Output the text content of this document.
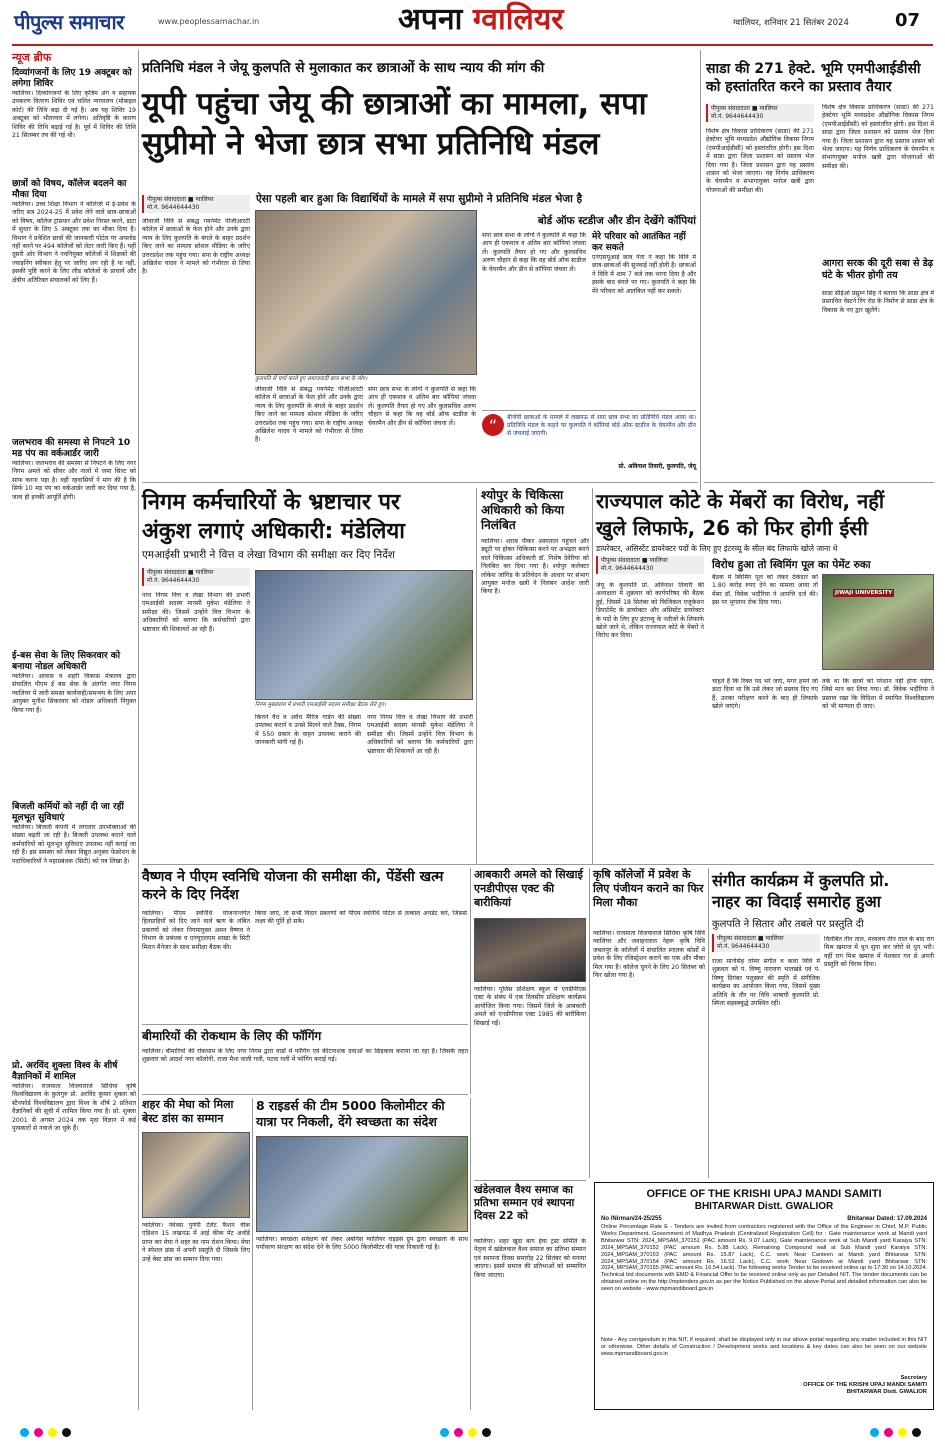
पीपुल्स समाचार	www.peoplessamachar.in	अपना ग्वालियर	ग्वालियर, शनिवार 21 सितंबर 2024	07
न्यूज ब्रीफ
दिव्यांगजनों के लिए 19 अक्टूबर को लगेगा शिविर
ग्वालियर। दिव्यांगजनों के लिए कृत्रिम अंग व सहायक उपकरण वितरण शिविर एवं चलित न्यायालय (मोबाइल कोर्ट) की तिथि बढ़ा दी गई है। अब यह शिविर 19 अक्टूबर को भीतरवार में लगेगा। अतिवृष्टि के कारण शिविर की तिथि बढ़ाई गई है। पूर्व में शिविर की तिथि 21 सितम्बर तय की गई थी।
छात्रों को विषय, कॉलेज बदलने का मौका दिया
ग्वालियर। उच्च शिक्षा विभाग ने कॉलेजों में ई-प्रवेश के जरिए सत्र 2024-25 में प्रवेश लेने वाले छात्र-छात्राओं को विषय, कॉलेज ट्रांसफर और प्रवेश निरस्त करने, डाटा में सुधार के लिए 5 अक्टूबर तक का मौका दिया है। विभाग ने प्रवेशित छात्रों की जानकारी पोर्टल पर अपलोड नहीं करने पर 494 कॉलेजों को लेटर जारी किए हैं। यहीं दूसरी ओर विभाग ने नवनियुक्त कॉलेजों में शिक्षकों की ज्वाइनिंग स्वीकार हेतु पर जारिए लग रही है या नहीं, इसकी पुष्टि करने के लिए लीड कॉलेजों के प्राचार्य और क्षेत्रीय अतिरिक्त संचालकों को लिए हैं।
जलभराव की समस्या से निपटने 10 मड पंप का वर्कआर्डर जारी
ग्वालियर। जलभराव की समस्या से निपटने के लिए नगर निगम अमले को सीवर और नालों में जमा सिल्ट को साफ करना पड़ा है। वहीं रहवासियों ने मांग की है कि सिर्फ 10 मड पंप का वर्कआर्डर जारी कर दिया गया है, जल्द ही इनकी आपूर्ति होगी।
ई-बस सेवा के लिए सिकरवार को बनाया नोडल अधिकारी
ग्वालियर। आवास व शहरी विकास मंत्रालय द्वारा संचालित पीएम ई बस सेवा के अंतर्गत नगर निगम ग्वालियर में जारी समस्त कार्यवाही/समन्वय के लिए अपर आयुक्त मुनीश सिकरवार को नोडल अधिकारी नियुक्त किया गया है।
बिजली कर्मियों को नहीं दी जा रहीं मूलभूत सुविधाएं
ग्वालियर। बिजली कंपनी में लगातार उपभोक्ताओं की संख्या बढ़ती जा रही है। बिजली उपलब्ध कराने वाले कर्मचारियों को मूलभूत सुविधाएं उपलब्ध नहीं कराई जा रही हैं। इस समस्या को लेकर विद्युत अनुबंध फेडरेशन के पदाधिकारियों ने महाप्रबंधक (सिटी) को पत्र लिखा है।
प्रो. अरविंद शुक्ला विश्व के शीर्ष वैज्ञानिकों में शामिल
ग्वालियर। राजमाता विजयाराजे सिंधिया कृषि विश्वविद्यालय के कुलगुरु प्रो. अरविंद कुमार शुक्ला को स्टैनफोर्ड विश्वविद्यालय द्वारा विश्व के शीर्ष 2 प्रतिशत वैज्ञानिकों की सूची में शामिल किया गया है। प्रो. शुक्ला 2001 से अगस्त 2024 तक मृदा विज्ञान में कई पुरस्कारों से नवाजे जा चुके हैं।
प्रतिनिधि मंडल ने जेयू कुलपति से मुलाकात कर छात्राओं के साथ न्याय की मांग की
यूपी पहुंचा जेयू की छात्राओं का मामला, सपा
सुप्रीमो ने भेजा छात्र सभा प्रतिनिधि मंडल
पीपुल्स संवाददाता ■ ग्वालियर
मो.नं. 9644644430
ऐसा पहली बार हुआ कि विद्यार्थियों के मामले में सपा सुप्रीमो ने प्रतिनिधि मंडल भेजा है
जीवाजी विवि से संबद्ध गवर्नमेंट पीजीआरटी कॉलेज में छात्राओं के फेल होने और उनके द्वारा न्याय के लिए कुलपति के बंगले के बाहर प्रदर्शन किए जाने का मामला सोशल मीडिया के जरिए उत्तरप्रदेश तक पहुंच गया। सपा के राष्ट्रीय अध्यक्ष अखिलेश यादव ने मामले को गंभीरता से लिया है।
कुलपति से चर्चा करते हुए समाजवादी छात्र सभा के लोग।
बोर्ड ऑफ स्टडीज और डीन देखेंगे कॉपियां
सपा छात्र सभा के लोगों ने कुलपति से कहा कि आप ही एकमात्र व अंतिम बार कॉपियां जंचवा लें। कुलपति तैयार हो गए और कुलसचिव अरुण चौहान से कहा कि वह बोर्ड ऑफ स्टडीज के चेयरमैन और डीन से कॉपियां जंचवा लें।
मेरे परिवार को आतंकित नहीं कर सकते
एनएसयूआई छात्र नेता ने कहा कि विवि में छात्र-छात्राओं की सुनवाई नहीं होती है। छात्राओं ने विवि में शाम 7 बजे तक धरना दिया है और इसके बाद बंगले पर गए। कुलपति ने कहा कि मेरे परिवार को आतंकित नहीं कर सकते।
जीवाजी विवि से संबद्ध गवर्नमेंट पीजीआरटी कॉलेज में छात्राओं के फेल होने और उनके द्वारा न्याय के लिए कुलपति के बंगले के बाहर प्रदर्शन किए जाने का मामला सोशल मीडिया के जरिए उत्तरप्रदेश तक पहुंच गया। सपा के राष्ट्रीय अध्यक्ष अखिलेश यादव ने मामले को गंभीरता से लिया है।
सपा छात्र सभा के लोगों ने कुलपति से कहा कि आप ही एकमात्र व अंतिम बार कॉपियां जंचवा लें। कुलपति तैयार हो गए और कुलसचिव अरुण चौहान से कहा कि वह बोर्ड ऑफ स्टडीज के चेयरमैन और डीन से कॉपियां जंचवा लें।	“	बीजेपी छात्राओं के मामले में लखनऊ से सपा छात्र सभा का प्रतिनिधि मंडल आया था। प्रतिनिधि मंडल के कहने पर कुलपति ने कॉपियां बोर्ड ऑफ स्टडीज के चेयरमैन और डीन से जंचवाई जाएंगी।
प्रो. अविनाश तिवारी, कुलपति, जेयू
साडा की 271 हेक्टे. भूमि एमपीआईडीसी को हस्तांतरित करने का प्रस्ताव तैयार
पीपुल्स संवाददाता ■ ग्वालियर
मो.नं. 9644644430
विशेष क्षेत्र विकास प्राधिकरण (साडा) की 271 हेक्टेयर भूमि मध्यप्रदेश औद्योगिक विकास निगम (एमपीआईडीसी) को हस्तांतरित होगी। इस दिशा में साडा द्वारा जिला प्रशासन को प्रस्ताव भेज दिया गया है। जिला प्रशासन द्वारा यह प्रस्ताव शासन को भेजा जाएगा। यह निर्णय प्राधिकरण के चेयरमैन व संभागायुक्त मनोज खत्री द्वारा योजनाओं की समीक्षा की।
विशेष क्षेत्र विकास प्राधिकरण (साडा) की 271 हेक्टेयर भूमि मध्यप्रदेश औद्योगिक विकास निगम (एमपीआईडीसी) को हस्तांतरित होगी। इस दिशा में साडा द्वारा जिला प्रशासन को प्रस्ताव भेज दिया गया है। जिला प्रशासन द्वारा यह प्रस्ताव शासन को भेजा जाएगा। यह निर्णय प्राधिकरण के चेयरमैन व संभागायुक्त मनोज खत्री द्वारा योजनाओं की समीक्षा की।
आगरा सरक की दूरी सबा से डेढ़ घंटे के भीतर होगी तय
साडा सीईओ प्रद्युम्न सिंह ने बताया कि साडा क्षेत्र में प्रस्तावित वेस्टर्न रिंग रोड के निर्माण से साडा क्षेत्र के विकास के नए द्वार खुलेंगे।
निगम कर्मचारियों के भ्रष्टाचार पर
अंकुश लगाएं अधिकारी: मंडेलिया
एमआईसी प्रभारी ने वित्त व लेखा विभाग की समीक्षा कर दिए निर्देश
पीपुल्स संवाददाता ■ ग्वालियर
मो.नं. 9644644430
नगर निगम वित्त व लेखा विभाग की प्रभारी एमआईसी सदस्य मानसी मुकेश मंडेलिया ने समीक्षा की। जिसमें उन्होंने वित्त विभाग के अधिकारियों को बताया कि कर्मचारियों द्वारा भ्रष्टाचार की शिकायतें आ रही हैं।
निगम मुख्यालय में प्रभारी एमआईसी सदस्य समीक्षा बैठक लेते हुए।
कितने वैध व अवैध मैरिज गार्डन की संख्या उपलब्ध कराने व उनसे मिलने वाले टैक्स, निगम में 550 प्रकार के वाहन उपलब्ध कराने की जानकारी मांगी गई है।
नगर निगम वित्त व लेखा विभाग की प्रभारी एमआईसी सदस्य मानसी मुकेश मंडेलिया ने समीक्षा की। जिसमें उन्होंने वित्त विभाग के अधिकारियों को बताया कि कर्मचारियों द्वारा भ्रष्टाचार की शिकायतें आ रही हैं।
श्योपुर के चिकित्सा अधिकारी को किया निलंबित
ग्वालियर। शराब पीकर अस्पताल पहुंचने और ड्यूटी पर होकर चिकित्सा करने पर अभद्रता करने वाले चिकित्सा अधिकारी डॉ. निशेष देवेरिया को निलंबित कर दिया गया है। श्योपुर कलेक्टर लोकेश जांगिड़ के प्रतिवेदन के आधार पर संभाग आयुक्त मनोज खत्री ने निलंबन आदेश जारी किया है।
राज्यपाल कोटे के मेंबरों का विरोध, नहीं
खुले लिफाफे, 26 को फिर होगी ईसी
डायरेक्टर, असिस्टेंट डायरेक्टर पदों के लिए हुए इंटरव्यू के सील बंद लिफाफे खोले जाना थे
पीपुल्स संवाददाता ■ ग्वालियर
मो.नं. 9644644430
जेयू के कुलपति प्रो. अविनाश तिवारी की अध्यक्षता में शुक्रवार को कार्यपरिषद की बैठक हुई, जिसमें 18 सितंबर को फिजिकल एजुकेशन डिपार्टमेंट के डायरेक्टर और असिस्टेंट डायरेक्टर के पदों के लिए हुए इंटरव्यू के नतीजों के लिफाफे खोले जाने थे, लेकिन राज्यपाल कोटे के मेंबरों ने विरोध कर दिया।
विरोध हुआ तो स्विमिंग पूल का पेमेंट रुका
बैठक में स्विमिंग पूल को लेकर ठेकेदार को 1.80 करोड़ रुपए देने का मामला आया तो मेंबर डॉ. विवेक भदौरिया ने आपत्ति दर्ज की। इस पर भुगतान रोक दिया गया।
JIWAJI UNIVERSITY
चाहते हैं कि रिक्त पद भरे जाएं, मगर हमने जो डाटा दिया था कि उसे लेकर जो प्रस्ताव दिए गए हैं, उनका परीक्षण करने के बाद ही लिफाफे खोले जाएंगे।
तर्क था कि छात्रों को परेशान नहीं होना पड़ेगा, जिसे मान कर लिया गया। डॉ. विवेक भदौरिया ने प्रस्ताव रखा कि विदिशा में स्थापित विश्वविद्यालय को भी मान्यता दी जाए।
वैष्णव ने पीएम स्वनिधि योजना की समीक्षा की, पेंडेंसी खत्म करने के दिए निर्देश
ग्वालियर। पीएम स्वनिधि योजनान्तर्गत हितग्राहियों को दिए जाने वाले ऋण के लंबित प्रकरणों को लेकर निगमायुक्त अमन वैष्णव ने विभाग के प्रबंधक व एनयूएलएम शाखा के सिटी मिशन मैनेजर के साथ समीक्षा बैठक की।
किया जाए, तो सभी विंदार प्रकरणों को पीएम स्वनिधि पोर्टल से तत्काल अपडेट करें, जिससे लक्ष्य की पूर्ति हो सके।
बीमारियों की रोकथाम के लिए की फॉगिंग
ग्वालियर। बीमारियों की रोकथाम के लिए नगर निगम द्वारा वार्डों में फॉगिंग एवं कीटनाशक दवाओं का छिड़काव कराया जा रहा है। जिसके तहत शुक्रवार को आदर्श नगर कॉलोनी, राजा मैथा वाली गली, पटवा गली में फॉगिंग कराई गई।
आबकारी अमले को सिखाई एनडीपीएस एक्ट की बारीकियां
ग्वालियर। पुलिस प्रशिक्षण स्कूल में एनडीपीएस एक्ट के संबंध में एक दिवसीय प्रशिक्षण कार्यक्रम आयोजित किया गया। जिसमें जिले के आबकारी अमले को एनडीपीएस एक्ट 1985 की बारीकियां सिखाई गईं।
कृषि कॉलेजों में प्रवेश के लिए पंजीयन कराने का फिर मिला मौका
ग्वालियर। राजमाता विजयाराजे सिंधिया कृषि विवि ग्वालियर और जवाहरलाल नेहरू कृषि विवि जबलपुर के कॉलेजों में संचालित स्नातक कोर्सों में प्रवेश के लिए रजिस्ट्रेशन कराने का एक और मौका मिल गया है। कॉलेज चुनने के लिए 20 सितंबर को फिर खोला गया है।
संगीत कार्यक्रम में कुलपति प्रो.
नाहर का विदाई समारोह हुआ
कुलपति ने सितार और तबले पर प्रस्तुति दी
पीपुल्स संवाददाता ■ ग्वालियर
मो.नं. 9644644430
राजा मानसिंह तोमर संगीत व कला विवि में शुक्रवार को पं. विष्णु नारायण भातखंडे एवं पं. विष्णु दिगंबर पलुस्कर की स्मृति में संगीतिक कार्यक्रम का आयोजन किया गया, जिसमें मुख्य अतिथि के तौर पर विवि भाषायी कुलपति प्रो. स्मिता सहस्त्रबुद्धे उपस्थित रहीं।
विलंबित तीन ताल, मध्यलय तीन ताल के बाद राग मिश्र खमाज में धुन सुना कर जोरों से धुन भरी। वहीं राग मिश्र खमाज में पेशकार गत से अपनी प्रस्तुति को विराम दिया।
शहर की मेघा को मिला बेस्ट डांस का सम्मान
ग्वालियर। नेवेवस पुणेरी टेलेंट फैशन वीक एडिशन 15 लखनऊ में आई कीक मेंट अवॉर्ड प्राप्त कर मेघा ने शहर का नाम रोशन किया। मेघा ने स्पेशल डांस में अपनी प्रस्तुति दी जिसके लिए उन्हें बेस्ट डांस का सम्मान दिया गया।
8 राइडर्स की टीम 5000 किलोमीटर की यात्रा पर निकली, देंगे स्वच्छता का संदेश
ग्वालियर। स्वच्छता सर्वेक्षण को लेकर अर्बोनेस ग्वालियर राइडर्स ग्रुप द्वारा स्वच्छता के साथ पर्यावरण संरक्षण का संदेश देने के लिए 5000 किलोमीटर की यात्रा निकाली गई है।
खंडेलवाल वैश्य समाज का प्रतिभा सम्मान एवं स्थापना दिवस 22 को
ग्वालियर। शहर खुदा बाग हेवा ट्रस्ट समिति के नेतृत्व में खंडेलवाल वैश्य समाज का प्रतिभा सम्मान एवं स्थापना दिवस समारोह 22 सितंबर को मनाया जाएगा। इसमें समाज की प्रतिभाओं को सम्मानित किया जाएगा।
OFFICE OF THE KRISHI UPAJ MANDI SAMITI
BHITARWAR Distt. GWALIOR
No /Nirman/24-25/255	Bhitarwar Dated: 17.09.2024
Online Percentage Rate E - Tenders are invited from contractors registered with the Office of the Engineer in Chief, M.P. Public Works Department, Government of Madhya Pradesh (Centralized Registration Cell) for : Gate maintenance work at Mandi yard Bhitarwar STN: 2024_MPSAM_370151 (PAC amount Rs. 9.07 Lack), Gate maintenance work at Sub Mandi yard Karaiya STN: 2024_MPSAM_370152 (PAC amount Rs. 5.88 Lack), Remaining Compound wall at Sub Mandi yard Karaiya STN: 2024_MPSAM_370153 (PAC amount Rs. 15.87 Lack), C.C. work Near Canteen at Mandi yard Bhitarwar STN: 2024_MPSAM_370154 (PAC amount Rs. 16.52 Lack), C.C. work Near Godown at Mandi yard Bhitarwar STN: 2024_MPSAM_370155 (PAC amount Rs. 16.54 Lack). The following works Tender to be received online up to 17:30 on 14.10.2024. Technical bid documents with EMD & Financial Offer to be received online only as per Detailed NIT. The tender documents can be obtained online on the http://mptenders.gov.in as per the Notice Published on the above Portal and detailed information can also be seen on website - www.mpmandiboard.gov.in
Note - Any corrigendum in this NIT, if required, shall be displayed only in our above portal regarding any matter included in this NIT or otherwise. Other details of Construction / Development works and locations & key dates can also be seen on our website www.mpmandiboard.gov.in
Secretary
OFFICE OF THE KRISHI UPAJ MANDI SAMITI
BHITARWAR Distt. GWALIOR
